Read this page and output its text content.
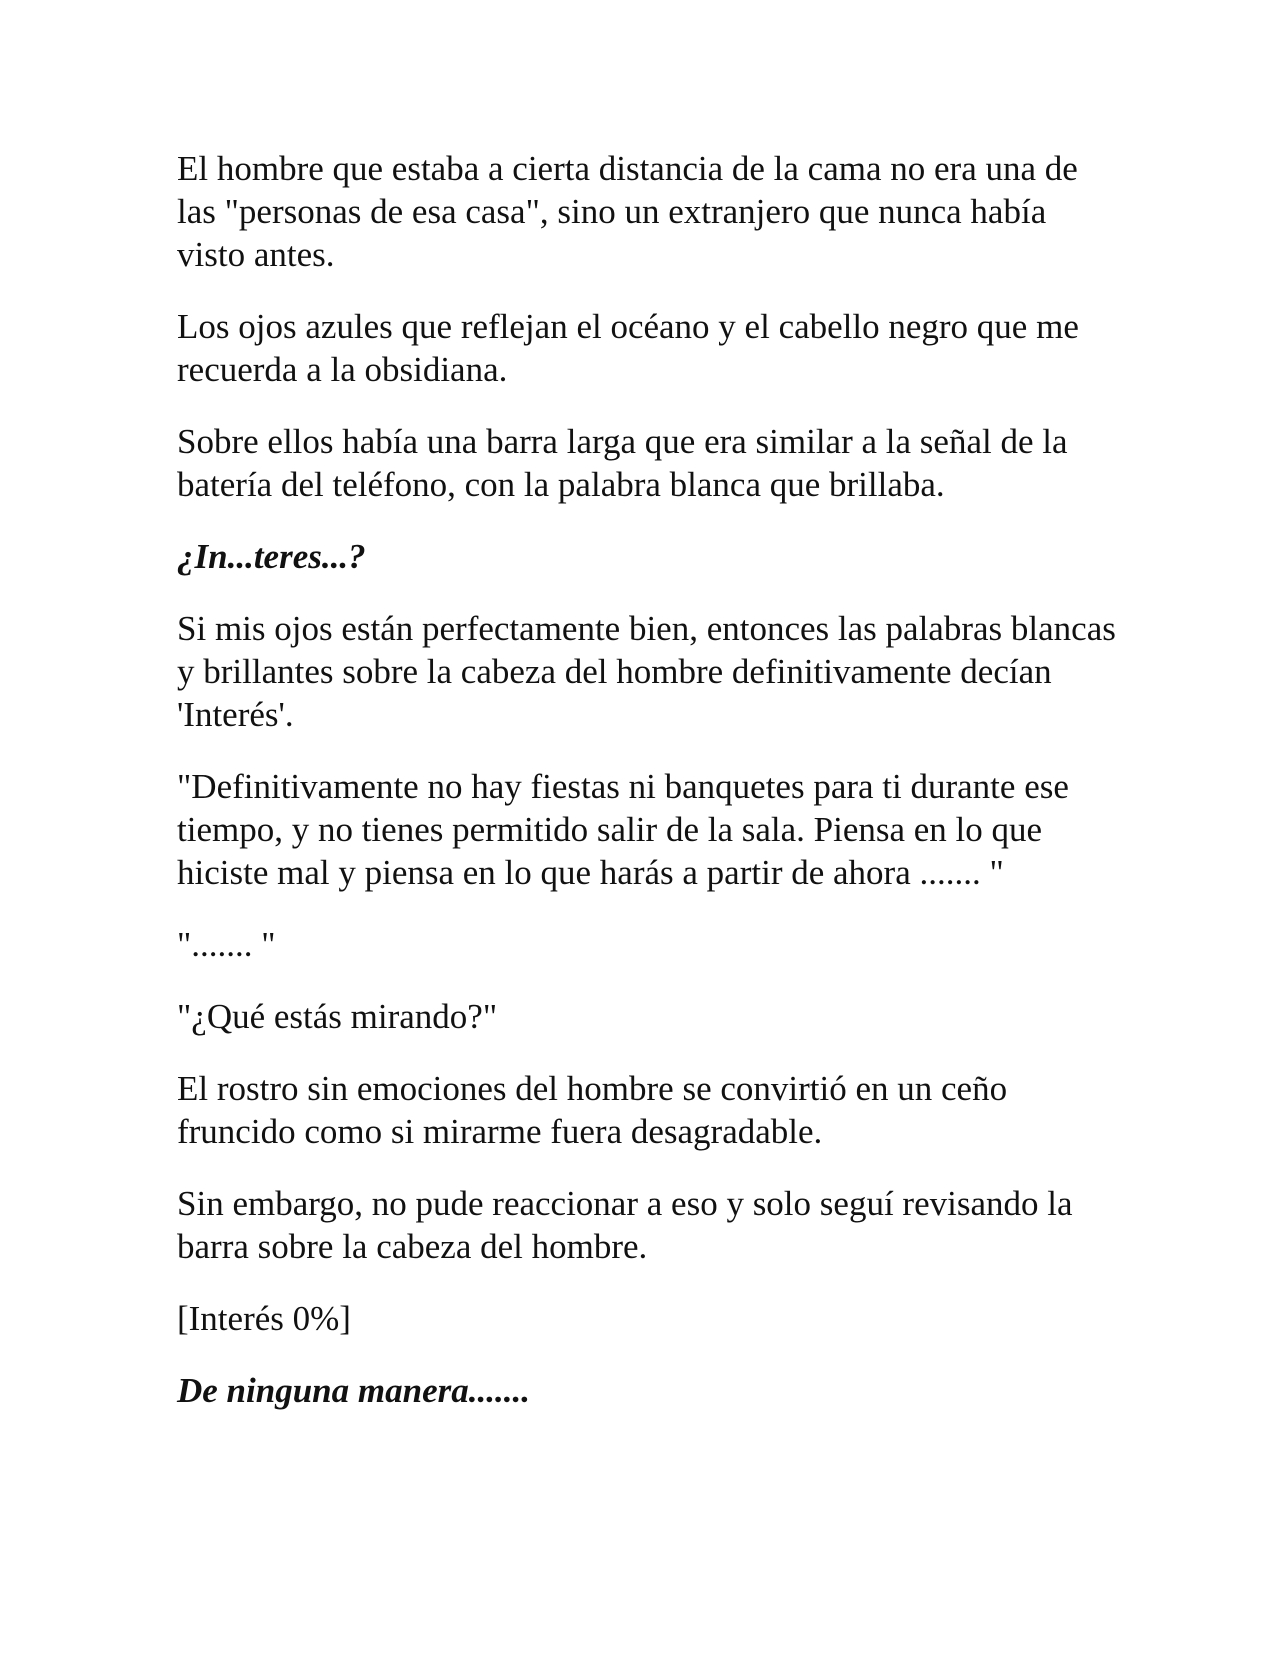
El hombre que estaba a cierta distancia de la cama no era una de las "personas de esa casa", sino un extranjero que nunca había visto antes.

Los ojos azules que reflejan el océano y el cabello negro que me recuerda a la obsidiana.

Sobre ellos había una barra larga que era similar a la señal de la batería del teléfono, con la palabra blanca que brillaba.

¿In...teres...?

Si mis ojos están perfectamente bien, entonces las palabras blancas y brillantes sobre la cabeza del hombre definitivamente decían 'Interés'.

"Definitivamente no hay fiestas ni banquetes para ti durante ese tiempo, y no tienes permitido salir de la sala. Piensa en lo que hiciste mal y piensa en lo que harás a partir de ahora ....... "

"....... "

"¿Qué estás mirando?"

El rostro sin emociones del hombre se convirtió en un ceño fruncido como si mirarme fuera desagradable.

Sin embargo, no pude reaccionar a eso y solo seguí revisando la barra sobre la cabeza del hombre.

[Interés 0%]

De ninguna manera.......
